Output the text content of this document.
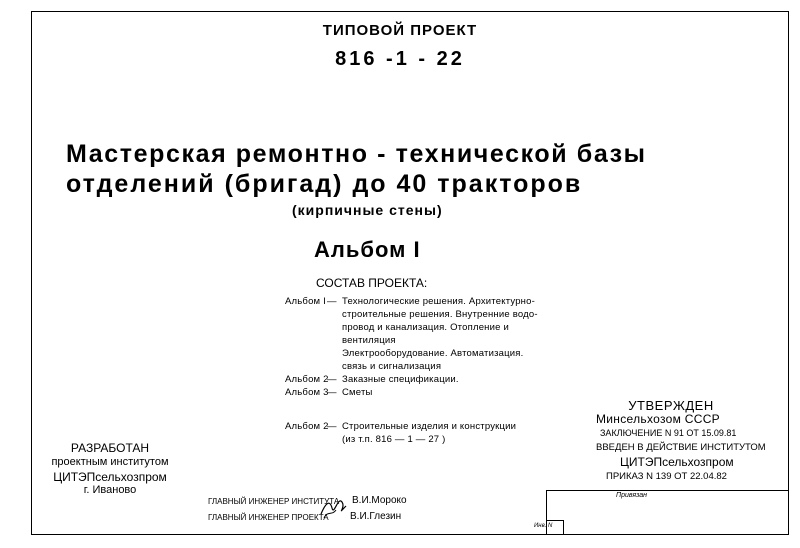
ТИПОВОЙ ПРОЕКТ
816 -1 - 22
Мастерская ремонтно - технической базы
отделений (бригад) до 40 тракторов
(кирпичные стены)
Альбом I
СОСТАВ ПРОЕКТА:
Альбом I — Технологические решения. Архитектурно-
строительные решения. Внутренние водо-
провод и канализация. Отопление и
вентиляция
Электрооборудование. Автоматизация.
связь и сигнализация
Альбом 2
— Заказные спецификации.
Альбом 3
— Сметы
Альбом 2
— Строительные изделия и конструкции
(из т.п. 816 — 1 — 27 )
РАЗРАБОТАН
проектным институтом
ЦИТЭПсельхозпром
г. Иваново
ГЛАВНЫЙ ИНЖЕНЕР ИНСТИТУТА
ГЛАВНЫЙ ИНЖЕНЕР ПРОЕКТА
В.И.Мороко
В.И.Глезин
УТВЕРЖДЕН
Минсельхозом СССР
ЗАКЛЮЧЕНИЕ N 91 ОТ 15.09.81
ВВЕДЕН В ДЕЙСТВИЕ ИНСТИТУТОМ
ЦИТЭПсельхозпром
ПРИКАЗ N 139 ОТ 22.04.82
Привязан
Инв. N
